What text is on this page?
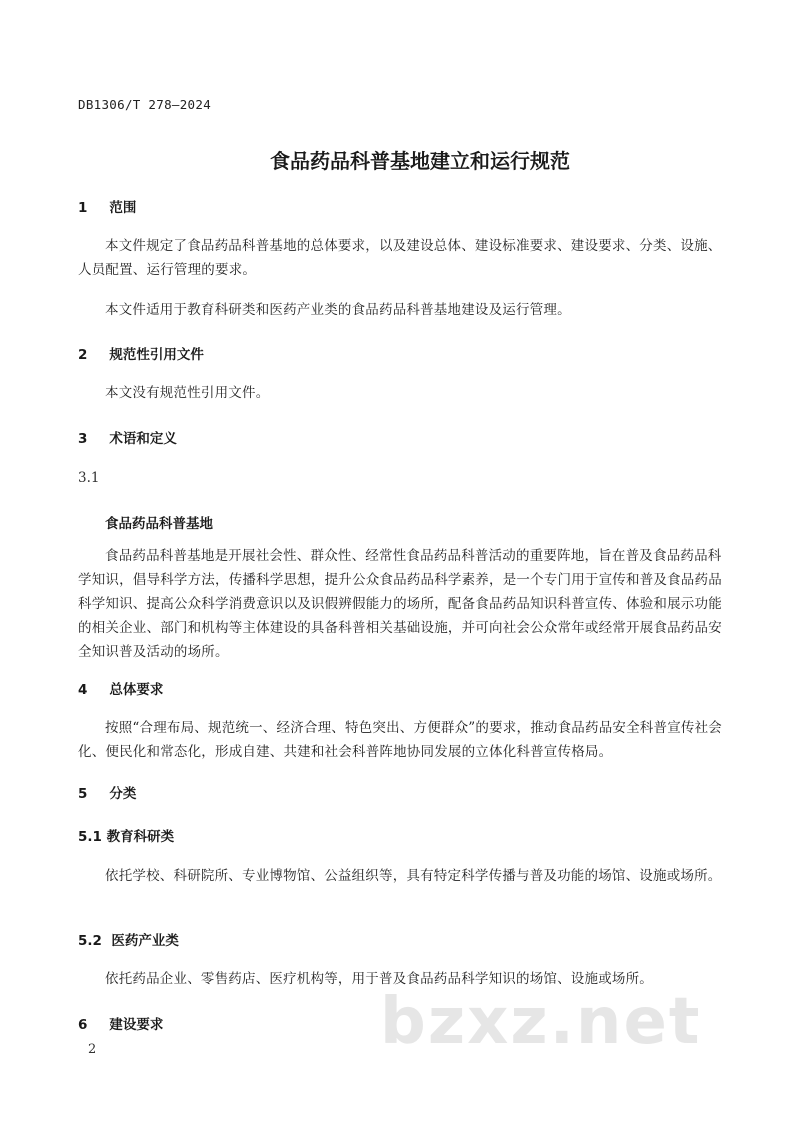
DB1306/T 278—2024
食品药品科普基地建立和运行规范
1 范围
本文件规定了食品药品科普基地的总体要求，以及建设总体、建设标准要求、建设要求、分类、设施、人员配置、运行管理的要求。
本文件适用于教育科研类和医药产业类的食品药品科普基地建设及运行管理。
2 规范性引用文件
本文没有规范性引用文件。
3 术语和定义
3.1
食品药品科普基地
食品药品科普基地是开展社会性、群众性、经常性食品药品科普活动的重要阵地，旨在普及食品药品科学知识，倡导科学方法，传播科学思想，提升公众食品药品科学素养，是一个专门用于宣传和普及食品药品科学知识、提高公众科学消费意识以及识假辨假能力的场所，配备食品药品知识科普宣传、体验和展示功能的相关企业、部门和机构等主体建设的具备科普相关基础设施，并可向社会公众常年或经常开展食品药品安全知识普及活动的场所。
4 总体要求
按照“合理布局、规范统一、经济合理、特色突出、方便群众”的要求，推动食品药品安全科普宣传社会化、便民化和常态化，形成自建、共建和社会科普阵地协同发展的立体化科普宣传格局。
5 分类
5.1 教育科研类
依托学校、科研院所、专业博物馆、公益组织等，具有特定科学传播与普及功能的场馆、设施或场所。
5.2 医药产业类
依托药品企业、零售药店、医疗机构等，用于普及食品药品科学知识的场馆、设施或场所。
6 建设要求	bzxz.net
2
